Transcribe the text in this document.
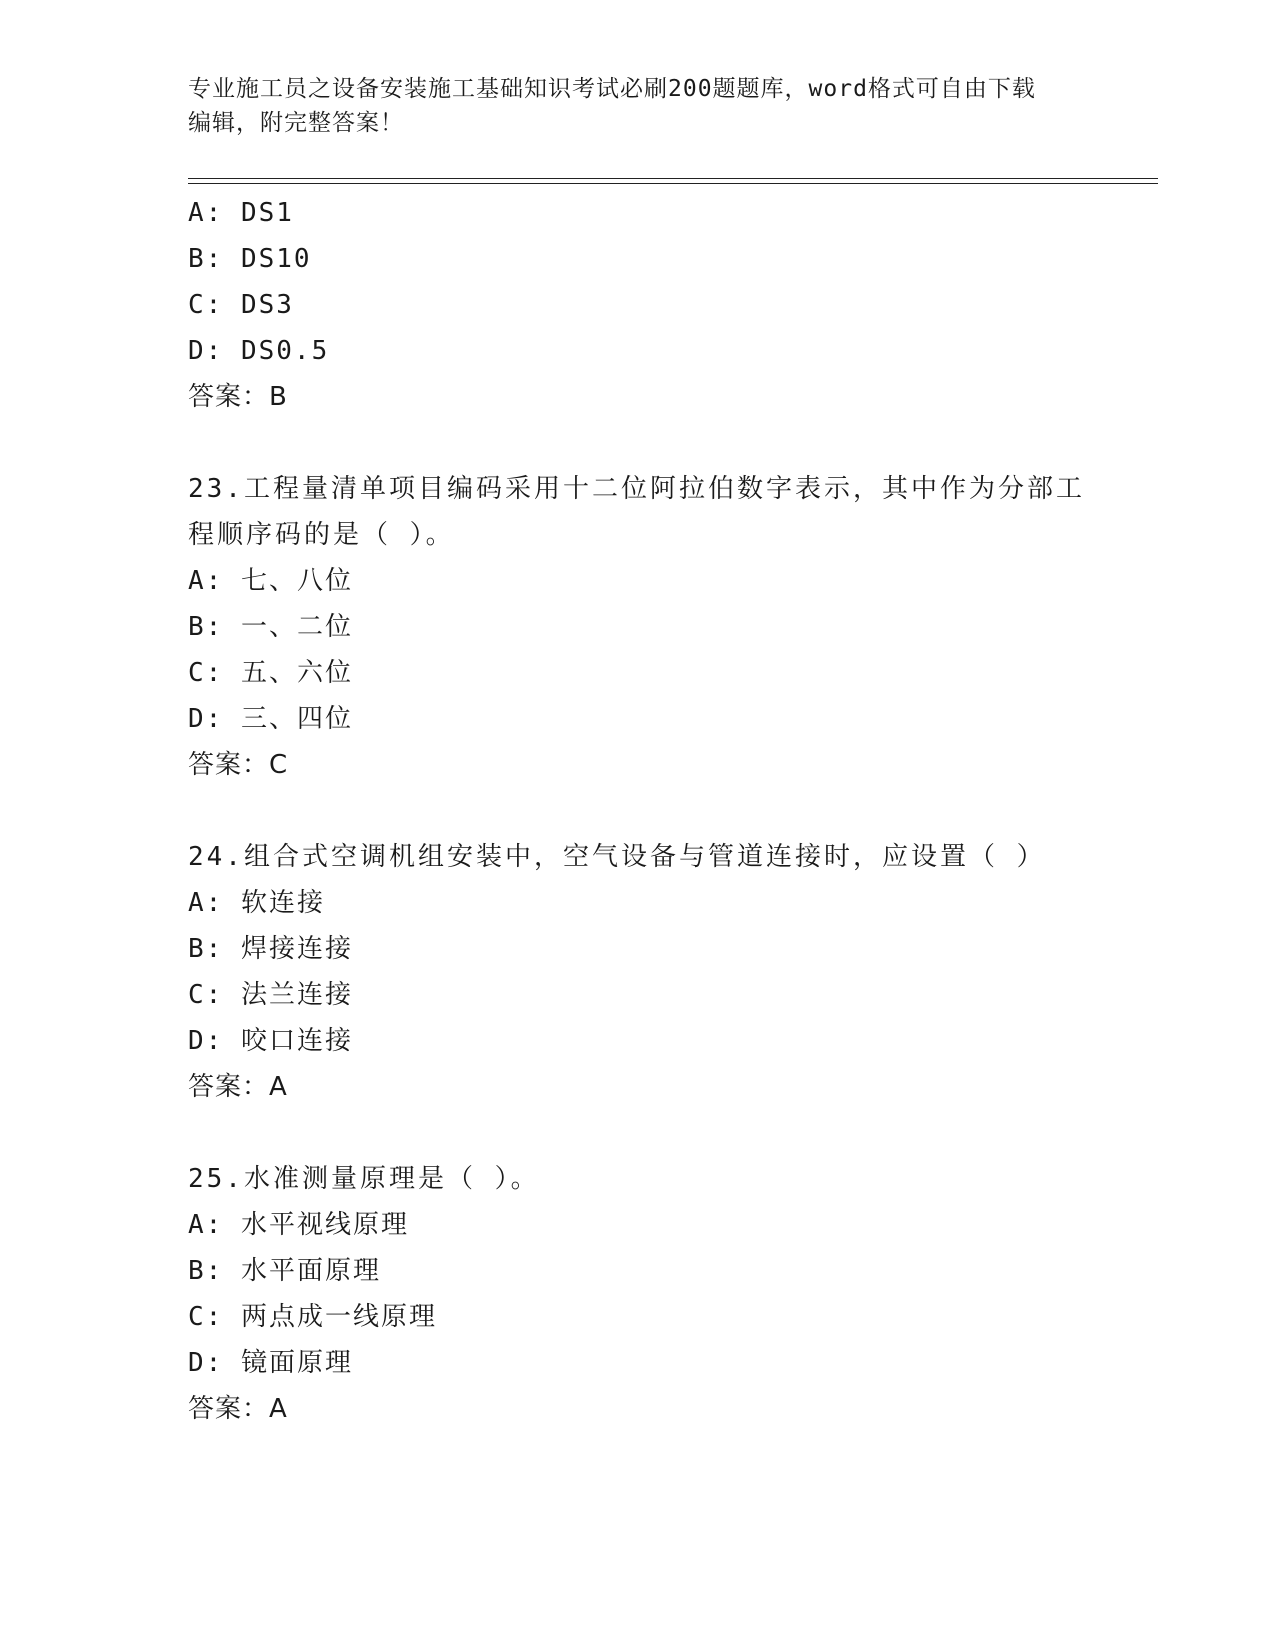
专业施工员之设备安装施工基础知识考试必刷200题题库，word格式可自由下载
编辑，附完整答案！
A: DS1
B: DS10
C: DS3
D: DS0.5
答案：B
23.工程量清单项目编码采用十二位阿拉伯数字表示，其中作为分部工
程顺序码的是（ ）。
A: 七、八位
B: 一、二位
C: 五、六位
D: 三、四位
答案：C
24.组合式空调机组安装中，空气设备与管道连接时，应设置（ ）
A: 软连接
B: 焊接连接
C: 法兰连接
D: 咬口连接
答案：A
25.水准测量原理是（ ）。
A: 水平视线原理
B: 水平面原理
C: 两点成一线原理
D: 镜面原理
答案：A
